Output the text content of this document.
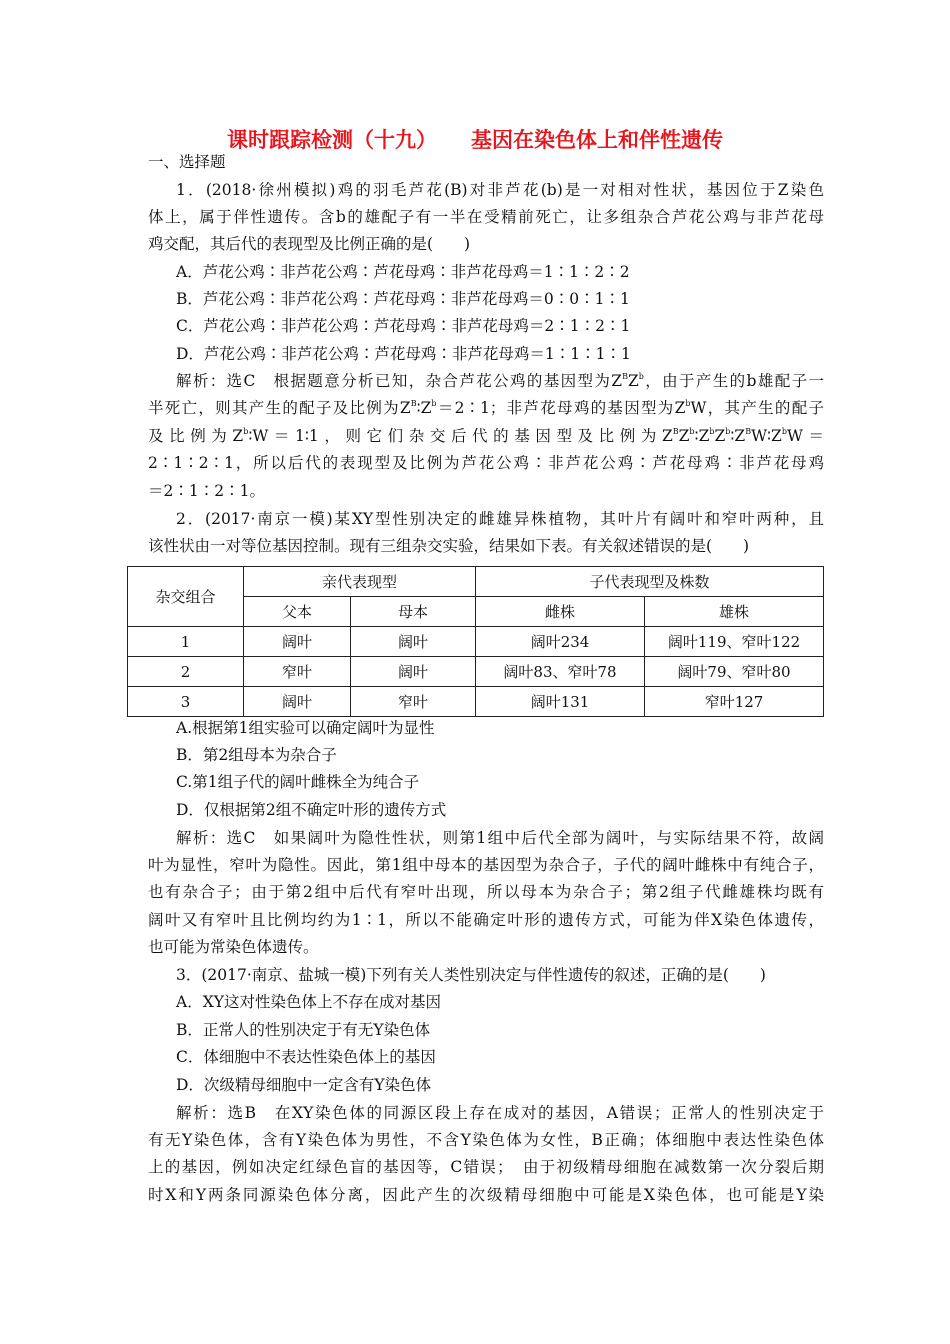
课时跟踪检测（十九） 基因在染色体上和伴性遗传
一、选择题
1．(2018·徐州模拟)鸡的羽毛芦花(B)对非芦花(b)是一对相对性状，基因位于Z染色
体上，属于伴性遗传。含b的雄配子有一半在受精前死亡，让多组杂合芦花公鸡与非芦花母
鸡交配，其后代的表现型及比例正确的是(　　)
A．芦花公鸡∶非芦花公鸡∶芦花母鸡∶非芦花母鸡＝1∶1∶2∶2
B．芦花公鸡∶非芦花公鸡∶芦花母鸡∶非芦花母鸡＝0∶0∶1∶1
C．芦花公鸡∶非芦花公鸡∶芦花母鸡∶非芦花母鸡＝2∶1∶2∶1
D．芦花公鸡∶非芦花公鸡∶芦花母鸡∶非芦花母鸡＝1∶1∶1∶1
解析：选C　根据题意分析已知，杂合芦花公鸡的基因型为$Z^BZ^b$，由于产生的b雄配子一
半死亡，则其产生的配子及比例为$Z^B∶Z^b=2∶1$；非芦花母鸡的基因型为$Z^bW$，其产生的配子
及比例为$Z^b∶W=1∶1$，则它们杂交后代的基因型及比例为$Z^BZ^b∶Z^bZ^b∶Z^BW∶Z^bW=$
2∶1∶2∶1，所以后代的表现型及比例为芦花公鸡∶非芦花公鸡∶芦花母鸡∶非芦花母鸡
＝2∶1∶2∶1。
2．(2017·南京一模)某XY型性别决定的雌雄异株植物，其叶片有阔叶和窄叶两种，且
该性状由一对等位基因控制。现有三组杂交实验，结果如下表。有关叙述错误的是(　　)
杂交组合	亲代表现型		子代表现型及株数	
	父本	母本	雌株	雄株
1	阔叶	阔叶	阔叶234	阔叶119、窄叶122
2	窄叶	阔叶	阔叶83、窄叶78	阔叶79、窄叶80
3	阔叶	窄叶	阔叶131	窄叶127
A.根据第1组实验可以确定阔叶为显性
B．第2组母本为杂合子
C.第1组子代的阔叶雌株全为纯合子
D．仅根据第2组不确定叶形的遗传方式
解析：选C　如果阔叶为隐性性状，则第1组中后代全部为阔叶，与实际结果不符，故阔
叶为显性，窄叶为隐性。因此，第1组中母本的基因型为杂合子，子代的阔叶雌株中有纯合子，
也有杂合子；由于第2组中后代有窄叶出现，所以母本为杂合子；第2组子代雌雄株均既有
阔叶又有窄叶且比例均约为1∶1，所以不能确定叶形的遗传方式，可能为伴X染色体遗传，
也可能为常染色体遗传。
3．(2017·南京、盐城一模)下列有关人类性别决定与伴性遗传的叙述，正确的是(　　)
A．XY这对性染色体上不存在成对基因
B．正常人的性别决定于有无Y染色体
C．体细胞中不表达性染色体上的基因
D．次级精母细胞中一定含有Y染色体
解析：选B　在XY染色体的同源区段上存在成对的基因，A错误；正常人的性别决定于
有无Y染色体，含有Y染色体为男性，不含Y染色体为女性，B正确；体细胞中表达性染色体
上的基因，例如决定红绿色盲的基因等，C错误；　由于初级精母细胞在减数第一次分裂后期
时X和Y两条同源染色体分离，因此产生的次级精母细胞中可能是X染色体，也可能是Y染
